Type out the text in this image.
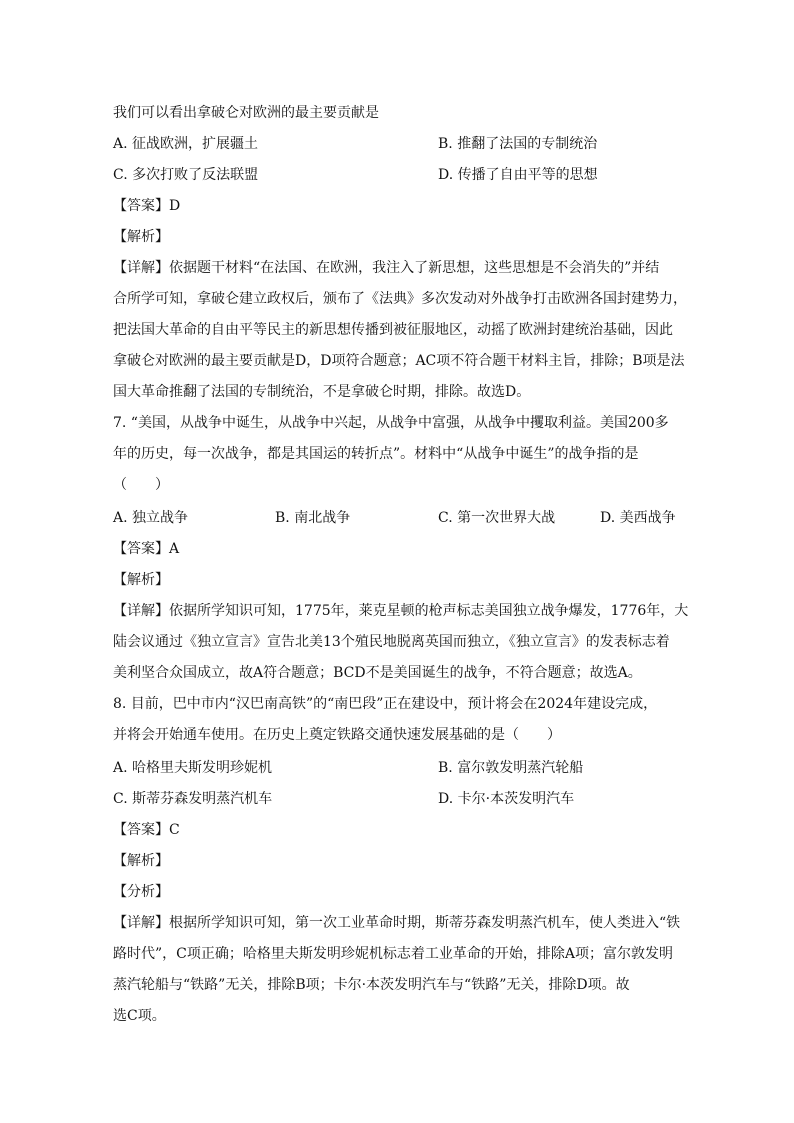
我们可以看出拿破仑对欧洲的最主要贡献是
A. 征战欧洲，扩展疆土	B. 推翻了法国的专制统治
C. 多次打败了反法联盟	D. 传播了自由平等的思想
【答案】D
【解析】
【详解】依据题干材料“在法国、在欧洲，我注入了新思想，这些思想是不会消失的”并结
合所学可知，拿破仑建立政权后，颁布了《法典》多次发动对外战争打击欧洲各国封建势力，
把法国大革命的自由平等民主的新思想传播到被征服地区，动摇了欧洲封建统治基础，因此
拿破仑对欧洲的最主要贡献是D，D项符合题意；AC项不符合题干材料主旨，排除；B项是法
国大革命推翻了法国的专制统治，不是拿破仑时期，排除。故选D。
7. “美国，从战争中诞生，从战争中兴起，从战争中富强，从战争中攫取利益。美国200多
年的历史，每一次战争，都是其国运的转折点”。材料中“从战争中诞生”的战争指的是
（　　）
A. 独立战争	B. 南北战争	C. 第一次世界大战	D. 美西战争
【答案】A
【解析】
【详解】依据所学知识可知，1775年，莱克星顿的枪声标志美国独立战争爆发，1776年，大
陆会议通过《独立宣言》宣告北美13个殖民地脱离英国而独立，《独立宣言》的发表标志着
美利坚合众国成立，故A符合题意；BCD不是美国诞生的战争，不符合题意；故选A。
8. 目前，巴中市内“汉巴南高铁”的“南巴段”正在建设中，预计将会在2024年建设完成，
并将会开始通车使用。在历史上奠定铁路交通快速发展基础的是（　　）
A. 哈格里夫斯发明珍妮机	B. 富尔敦发明蒸汽轮船
C. 斯蒂芬森发明蒸汽机车	D. 卡尔·本茨发明汽车
【答案】C
【解析】
【分析】
【详解】根据所学知识可知，第一次工业革命时期，斯蒂芬森发明蒸汽机车，使人类进入“铁
路时代”，C项正确；哈格里夫斯发明珍妮机标志着工业革命的开始，排除A项；富尔敦发明
蒸汽轮船与“铁路”无关，排除B项；卡尔·本茨发明汽车与“铁路”无关，排除D项。故
选C项。
